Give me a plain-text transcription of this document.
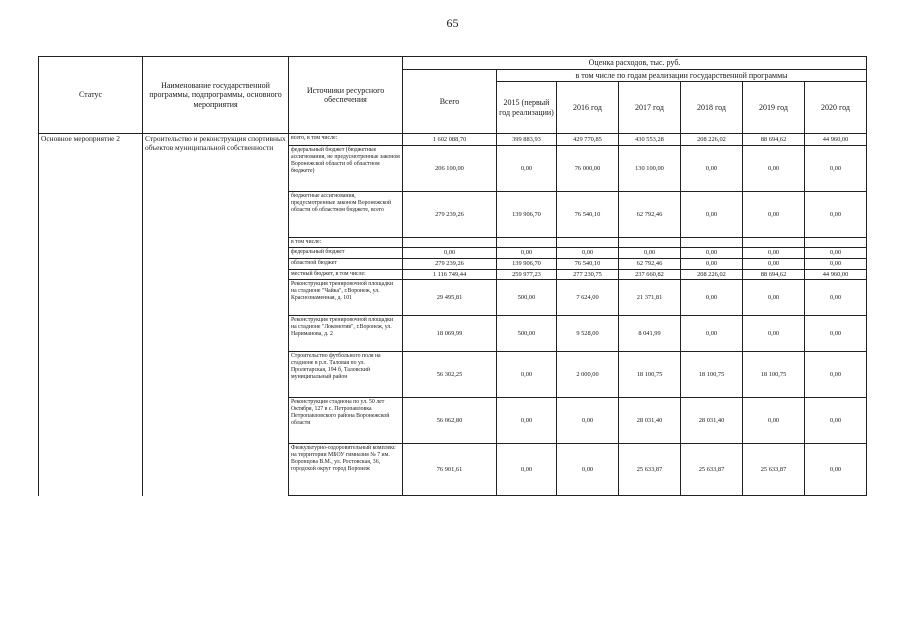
65
Статус	Наименование государственной программы, подпрограммы, основного мероприятия	Источники ресурсного обеспечения	Оценка расходов, тыс. руб.						
			Всего	в том числе по годам реализации государственной программы					
				2015 (первый год реализации)	2016 год	2017 год	2018 год	2019 год	2020 год
Основное мероприятие 2	Строительство и реконструкция спортивных объектов муниципальной собственности	всего, в том числе:	1 602 088,70	399 883,93	429 770,85	430 553,28	208 226,02	88 694,62	44 960,00
		федеральный бюджет (бюджетные ассигнования, не предусмотренные законом Воронежской области об областном бюджете)	206 100,00	0,00	76 000,00	130 100,00	0,00	0,00	0,00
		бюджетные ассигнования, предусмотренные законом Воронежской области об областном бюджете, всего	279 239,26	139 906,70	76 540,10	62 792,46	0,00	0,00	0,00
		в том числе:							
		федеральный бюджет	0,00	0,00	0,00	0,00	0,00	0,00	0,00
		областной бюджет	279 239,26	139 906,70	76 540,10	62 792,46	0,00	0,00	0,00
		местный бюджет, в том числе:	1 116 749,44	259 977,23	277 230,75	237 660,82	208 226,02	88 694,62	44 960,00
		Реконструкция тренировочной площадки на стадионе "Чайка", г.Воронеж, ул. Краснознаменная, д. 101	29 495,81	500,00	7 624,00	21 371,81	0,00	0,00	0,00
		Реконструкция тренировочной площадки на стадионе "Локомотив", г.Воронеж, ул. Нариманова, д. 2	18 069,99	500,00	9 528,00	8 041,99	0,00	0,00	0,00
		Строительство футбольного поля на стадионе в р.п. Таловая по ул. Пролетарская, 194 б, Таловский муниципальный район	56 302,25	0,00	2 000,00	18 100,75	18 100,75	18 100,75	0,00
		Реконструкция стадиона по ул. 50 лет Октября, 127 в с. Петропавловка Петропавловского района Воронежской области	56 062,80	0,00	0,00	28 031,40	28 031,40	0,00	0,00
		Физкультурно-оздоровительный комплекс на территории МБОУ гимназия № 7 им. Воронцова В.М., ул. Ростовская, 36, городской округ город Воронеж	76 901,61	0,00	0,00	25 633,87	25 633,87	25 633,87	0,00
